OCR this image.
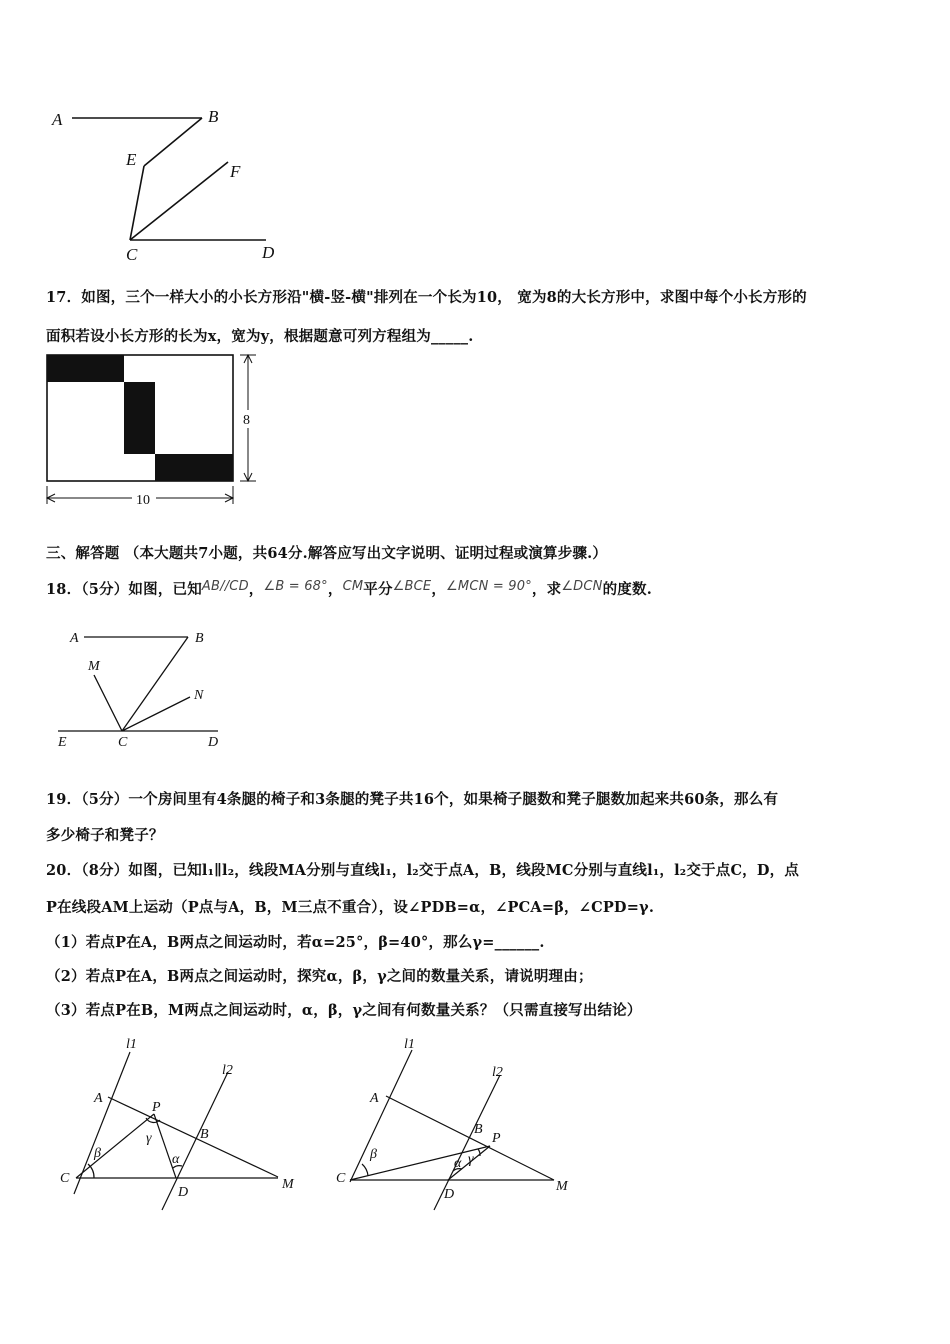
A	B
E
F
C	D
17．如图，三个一样大小的小长方形沿"横-竖-横"排列在一个长为10， 宽为8的大长方形中，求图中每个小长方形的
面积若设小长方形的长为x，宽为y，根据题意可列方程组为_____.
8
10
三、解答题 （本大题共7小题，共64分.解答应写出文字说明、证明过程或演算步骤.）
18．（5分）如图，已知AB//CD，∠B = 68°，CM平分∠BCE，∠MCN = 90°，求∠DCN的度数.
A	B
M
N
E	C	D
19．（5分）一个房间里有4条腿的椅子和3条腿的凳子共16个，如果椅子腿数和凳子腿数加起来共60条，那么有
多少椅子和凳子？
20．（8分）如图，已知l₁∥l₂，线段MA分别与直线l₁，l₂交于点A，B，线段MC分别与直线l₁，l₂交于点C，D，点
P在线段AM上运动（P点与A，B，M三点不重合），设∠PDB=α，∠PCA=β，∠CPD=γ.
（1）若点P在A，B两点之间运动时，若α=25°，β=40°，那么γ=______.
（2）若点P在A，B两点之间运动时，探究α，β，γ之间的数量关系，请说明理由；
（3）若点P在B，M两点之间运动时，α，β，γ之间有何数量关系？（只需直接写出结论）
l1
l2
A
P
B
C
D
M
β
γ
α
l1
l2
A
B
P
C
D
M
β
α γ
